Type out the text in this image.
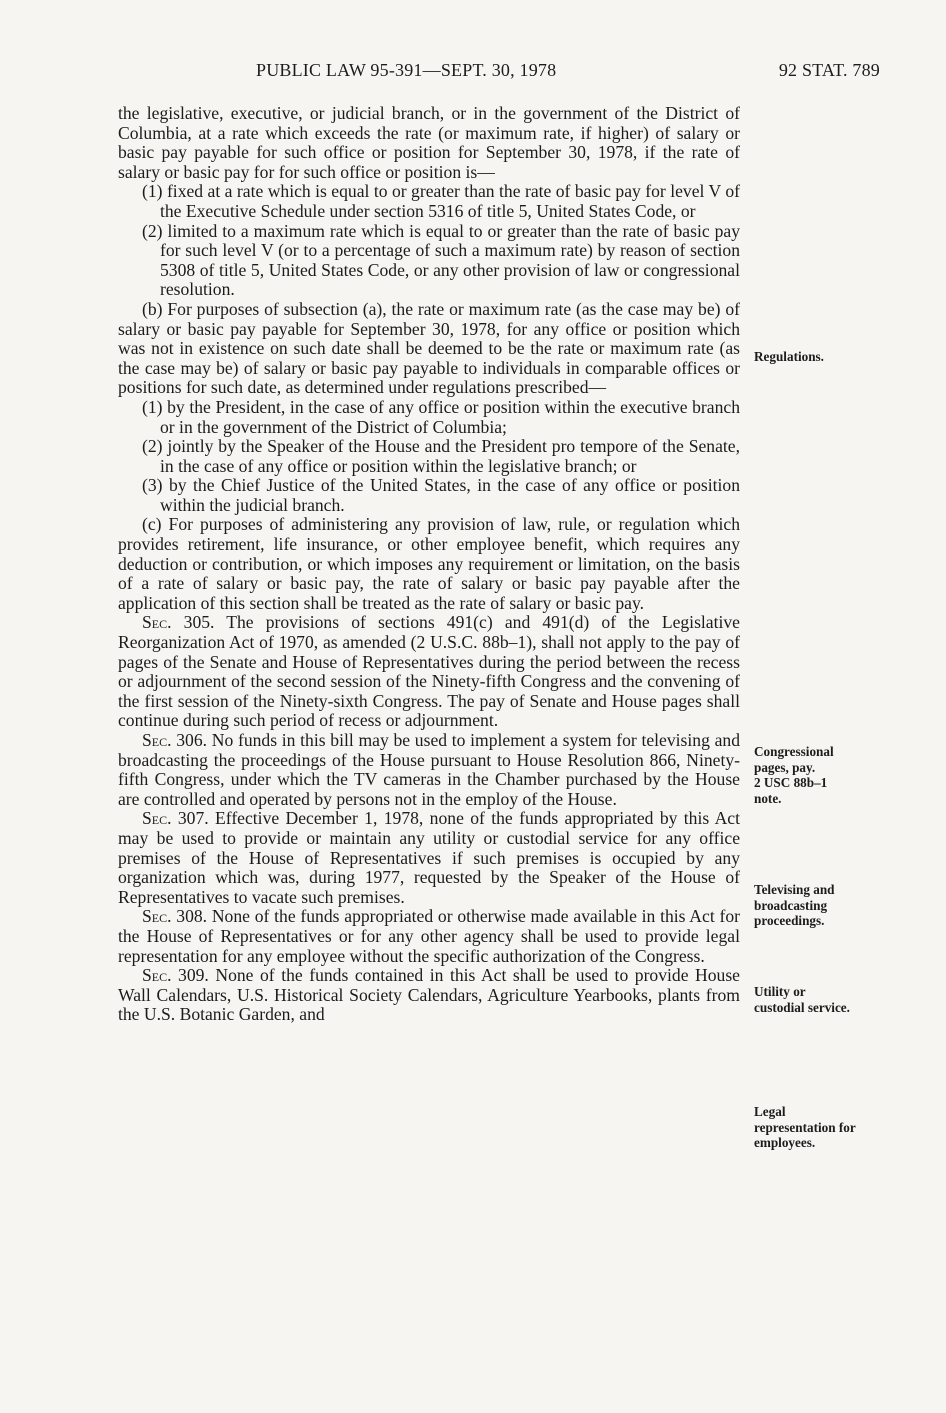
PUBLIC LAW 95-391—SEPT. 30, 1978	92 STAT. 789

the legislative, executive, or judicial branch, or in the government of the District of Columbia, at a rate which exceeds the rate (or maximum rate, if higher) of salary or basic pay payable for such office or position for September 30, 1978, if the rate of salary or basic pay for for such office or position is—

(1) fixed at a rate which is equal to or greater than the rate of basic pay for level V of the Executive Schedule under section 5316 of title 5, United States Code, or

(2) limited to a maximum rate which is equal to or greater than the rate of basic pay for such level V (or to a percentage of such a maximum rate) by reason of section 5308 of title 5, United States Code, or any other provision of law or congressional resolution.

(b) For purposes of subsection (a), the rate or maximum rate (as the case may be) of salary or basic pay payable for September 30, 1978, for any office or position which was not in existence on such date shall be deemed to be the rate or maximum rate (as the case may be) of salary or basic pay payable to individuals in comparable offices or positions for such date, as determined under regulations prescribed—

(1) by the President, in the case of any office or position within the executive branch or in the government of the District of Columbia;

(2) jointly by the Speaker of the House and the President pro tempore of the Senate, in the case of any office or position within the legislative branch; or

(3) by the Chief Justice of the United States, in the case of any office or position within the judicial branch.

(c) For purposes of administering any provision of law, rule, or regulation which provides retirement, life insurance, or other employee benefit, which requires any deduction or contribution, or which imposes any requirement or limitation, on the basis of a rate of salary or basic pay, the rate of salary or basic pay payable after the application of this section shall be treated as the rate of salary or basic pay.

Sec. 305. The provisions of sections 491(c) and 491(d) of the Legislative Reorganization Act of 1970, as amended (2 U.S.C. 88b–1), shall not apply to the pay of pages of the Senate and House of Representatives during the period between the recess or adjournment of the second session of the Ninety-fifth Congress and the convening of the first session of the Ninety-sixth Congress. The pay of Senate and House pages shall continue during such period of recess or adjournment.

Sec. 306. No funds in this bill may be used to implement a system for televising and broadcasting the proceedings of the House pursuant to House Resolution 866, Ninety-fifth Congress, under which the TV cameras in the Chamber purchased by the House are controlled and operated by persons not in the employ of the House.

Sec. 307. Effective December 1, 1978, none of the funds appropriated by this Act may be used to provide or maintain any utility or custodial service for any office premises of the House of Representatives if such premises is occupied by any organization which was, during 1977, requested by the Speaker of the House of Representatives to vacate such premises.

Sec. 308. None of the funds appropriated or otherwise made available in this Act for the House of Representatives or for any other agency shall be used to provide legal representation for any employee without the specific authorization of the Congress.

Sec. 309. None of the funds contained in this Act shall be used to provide House Wall Calendars, U.S. Historical Society Calendars, Agriculture Yearbooks, plants from the U.S. Botanic Garden, and

Regulations.
Congressional
pages, pay.
2 USC 88b–1
note.
Televising and
broadcasting
proceedings.
Utility or
custodial service.
Legal
representation for
employees.
